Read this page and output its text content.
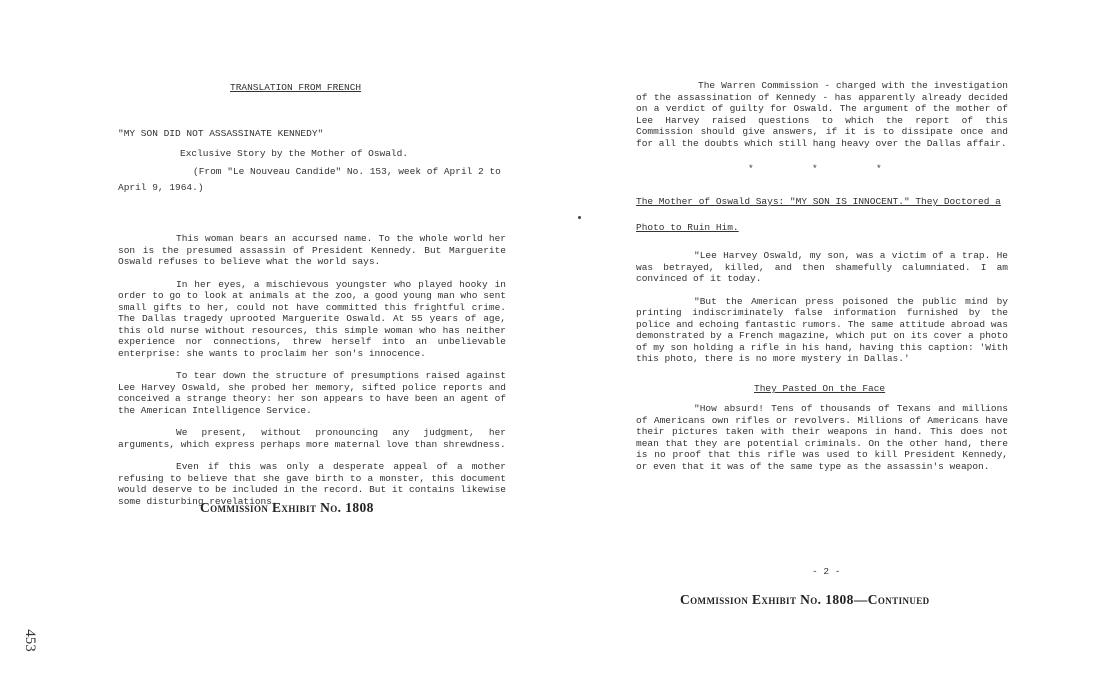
TRANSLATION FROM FRENCH
"MY SON DID NOT ASSASSINATE KENNEDY"
Exclusive Story by the Mother of Oswald.
(From "Le Nouveau Candide" No. 153, week of April 2 to
April 9, 1964.)

This woman bears an accursed name. To the whole world her son is the presumed assassin of President Kennedy. But Marguerite Oswald refuses to believe what the world says.

In her eyes, a mischievous youngster who played hooky in order to go to look at animals at the zoo, a good young man who sent small gifts to her, could not have committed this frightful crime. The Dallas tragedy uprooted Marguerite Oswald. At 55 years of age, this old nurse without resources, this simple woman who has neither experience nor connections, threw herself into an unbelievable enterprise: she wants to proclaim her son's innocence.

To tear down the structure of presumptions raised against Lee Harvey Oswald, she probed her memory, sifted police reports and conceived a strange theory: her son appears to have been an agent of the American Intelligence Service.

We present, without pronouncing any judgment, her arguments, which express perhaps more maternal love than shrewdness.

Even if this was only a desperate appeal of a mother refusing to believe that she gave birth to a monster, this document would deserve to be included in the record. But it contains likewise some disturbing revelations.

Commission Exhibit No. 1808

The Warren Commission - charged with the investigation of the assassination of Kennedy - has apparently already decided on a verdict of guilty for Oswald. The argument of the mother of Lee Harvey raised questions to which the report of this Commission should give answers, if it is to dissipate once and for all the doubts which still hang heavy over the Dallas affair.

*	*	*
The Mother of Oswald Says: "MY SON IS INNOCENT." They Doctored a
Photo to Ruin Him.

"Lee Harvey Oswald, my son, was a victim of a trap. He was betrayed, killed, and then shamefully calumniated. I am convinced of it today.

"But the American press poisoned the public mind by printing indiscriminately false information furnished by the police and echoing fantastic rumors. The same attitude abroad was demonstrated by a French magazine, which put on its cover a photo of my son holding a rifle in his hand, having this caption: 'With this photo, there is no more mystery in Dallas.'

They Pasted On the Face

"How absurd! Tens of thousands of Texans and millions of Americans own rifles or revolvers. Millions of Americans have their pictures taken with their weapons in hand. This does not mean that they are potential criminals. On the other hand, there is no proof that this rifle was used to kill President Kennedy, or even that it was of the same type as the assassin's weapon.

- 2 -
Commission Exhibit No. 1808—Continued
453
